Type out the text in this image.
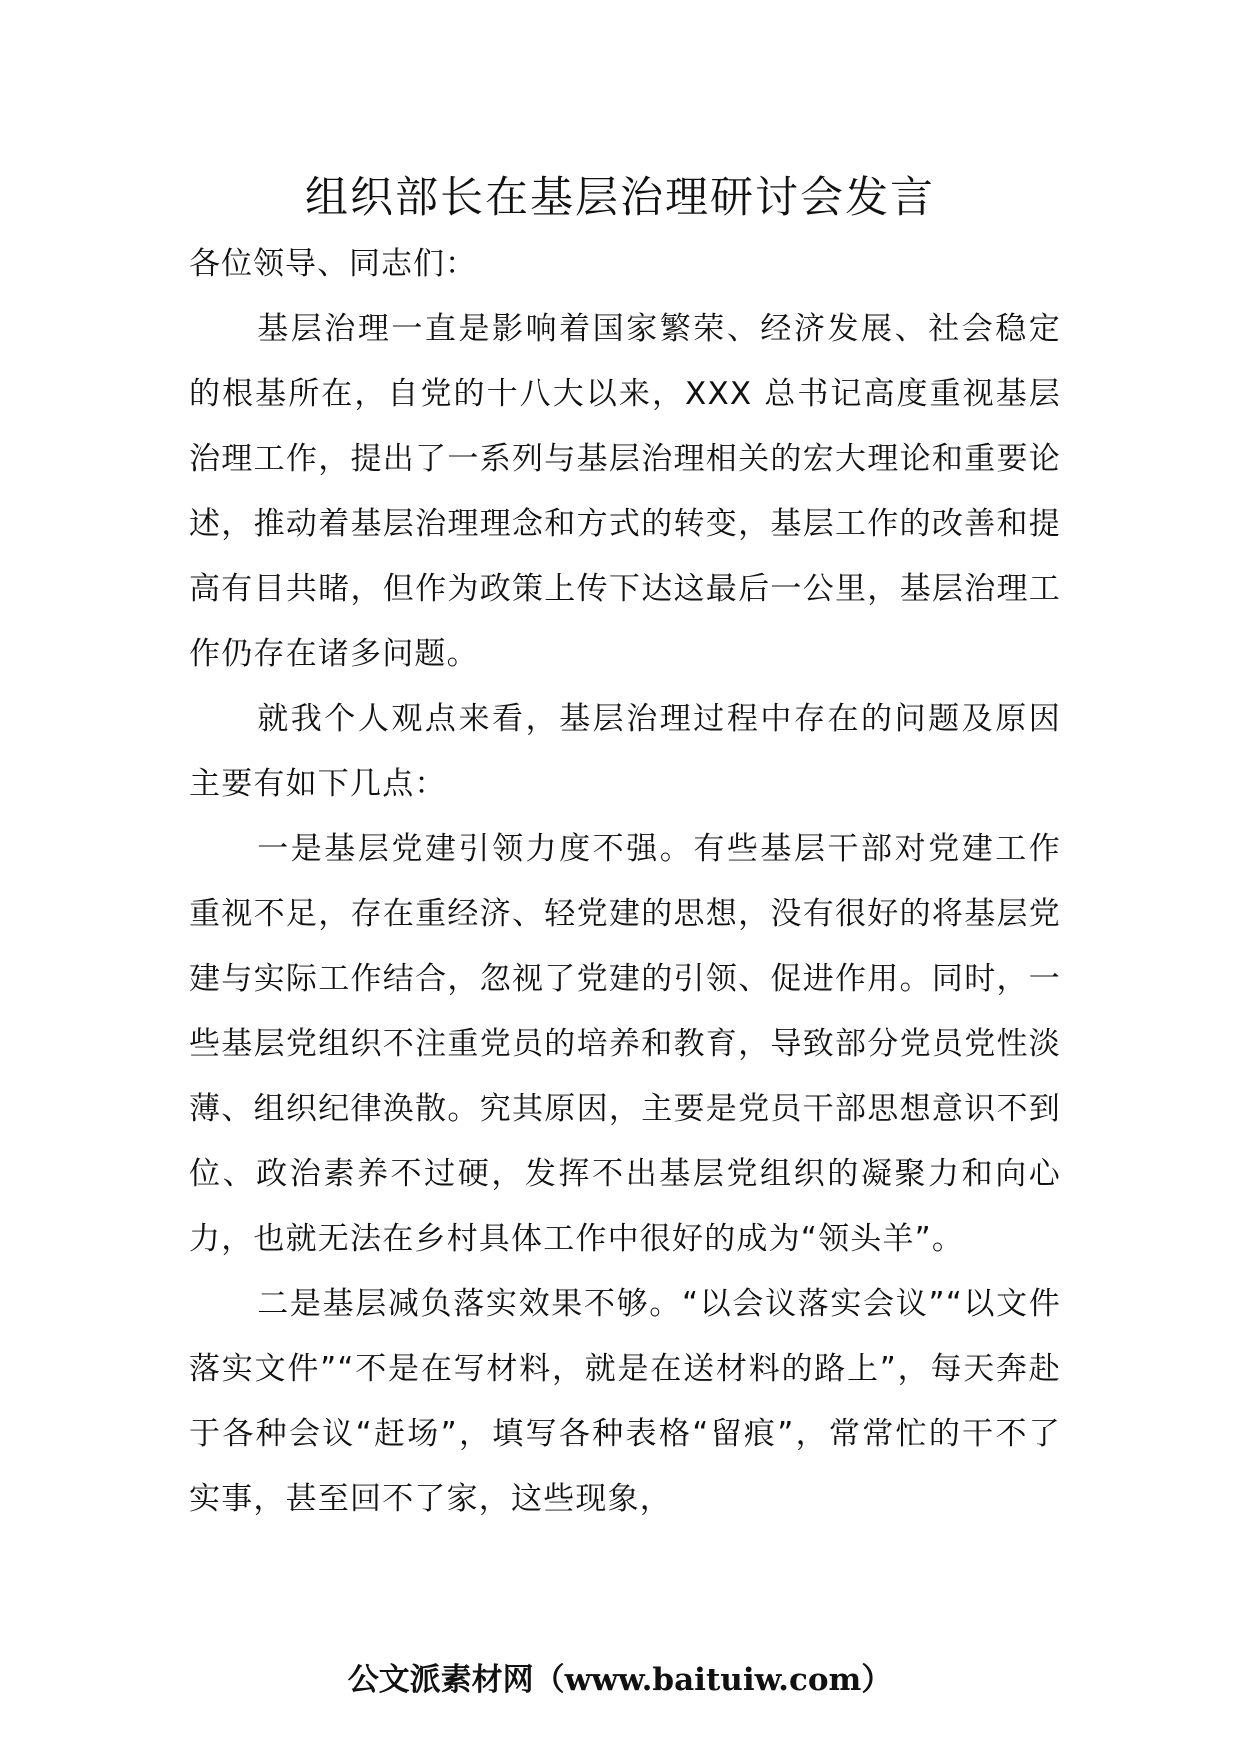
组织部长在基层治理研讨会发言

各位领导、同志们：

基层治理一直是影响着国家繁荣、经济发展、社会稳定的根基所在，自党的十八大以来，XXX 总书记高度重视基层治理工作，提出了一系列与基层治理相关的宏大理论和重要论述，推动着基层治理理念和方式的转变，基层工作的改善和提高有目共睹，但作为政策上传下达这最后一公里，基层治理工作仍存在诸多问题。

就我个人观点来看，基层治理过程中存在的问题及原因主要有如下几点：

一是基层党建引领力度不强。有些基层干部对党建工作重视不足，存在重经济、轻党建的思想，没有很好的将基层党建与实际工作结合，忽视了党建的引领、促进作用。同时，一些基层党组织不注重党员的培养和教育，导致部分党员党性淡薄、组织纪律涣散。究其原因，主要是党员干部思想意识不到位、政治素养不过硬，发挥不出基层党组织的凝聚力和向心力，也就无法在乡村具体工作中很好的成为“领头羊”。

二是基层减负落实效果不够。“以会议落实会议”“以文件落实文件”“不是在写材料，就是在送材料的路上”，每天奔赴于各种会议“赶场”，填写各种表格“留痕”，常常忙的干不了实事，甚至回不了家，这些现象，

公文派素材网（www.baituiw.com）
